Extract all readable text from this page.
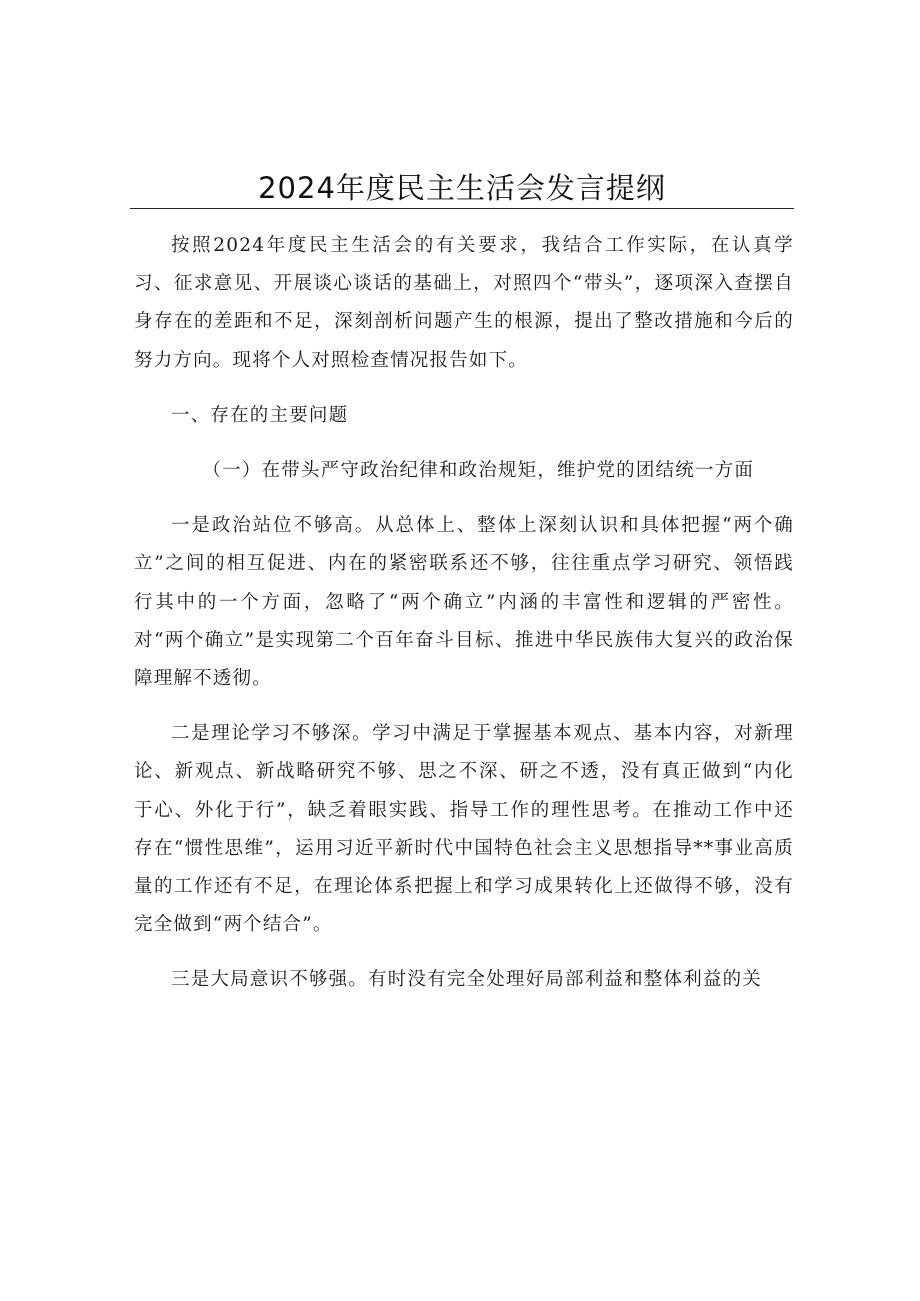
2024年度民主生活会发言提纲

按照2024年度民主生活会的有关要求，我结合工作实际，在认真学习、征求意见、开展谈心谈话的基础上，对照四个“带头”，逐项深入查摆自身存在的差距和不足，深刻剖析问题产生的根源，提出了整改措施和今后的努力方向。现将个人对照检查情况报告如下。

一、存在的主要问题

（一）在带头严守政治纪律和政治规矩，维护党的团结统一方面

一是政治站位不够高。从总体上、整体上深刻认识和具体把握“两个确立”之间的相互促进、内在的紧密联系还不够，往往重点学习研究、领悟践行其中的一个方面，忽略了“两个确立”内涵的丰富性和逻辑的严密性。对“两个确立”是实现第二个百年奋斗目标、推进中华民族伟大复兴的政治保障理解不透彻。

二是理论学习不够深。学习中满足于掌握基本观点、基本内容，对新理论、新观点、新战略研究不够、思之不深、研之不透，没有真正做到“内化于心、外化于行”，缺乏着眼实践、指导工作的理性思考。在推动工作中还存在“惯性思维”，运用习近平新时代中国特色社会主义思想指导**事业高质量的工作还有不足，在理论体系把握上和学习成果转化上还做得不够，没有完全做到“两个结合”。

三是大局意识不够强。有时没有完全处理好局部利益和整体利益的关
